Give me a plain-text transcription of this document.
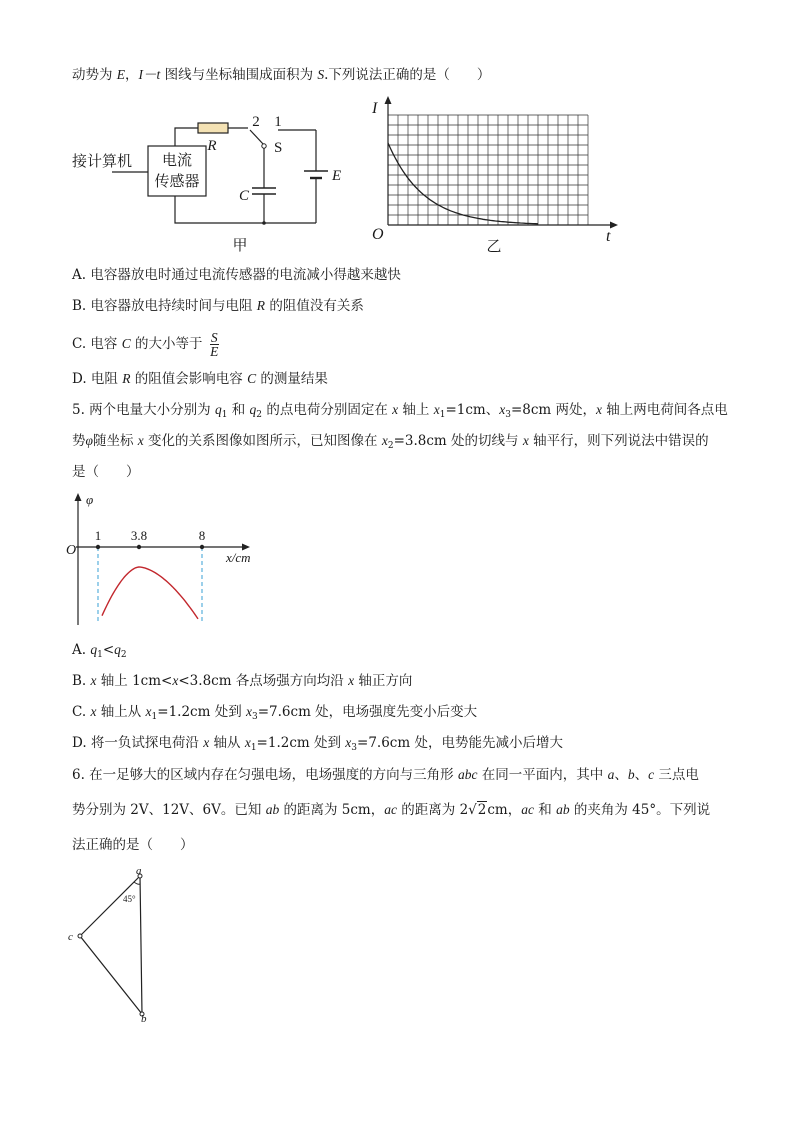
动势为 E，I－t 图线与坐标轴围成面积为 S.下列说法正确的是（　　）
接计算机 电流
传感器
R
2 1
S
C
E
甲
I
O	t
乙
A. 电容器放电时通过电流传感器的电流减小得越来越快
B. 电容器放电持续时间与电阻 R 的阻值没有关系
C. 电容 C 的大小等于 $\frac{S}{E}$
D. 电阻 R 的阻值会影响电容 C 的测量结果
5. 两个电量大小分别为 $q_1$ 和 $q_2$ 的点电荷分别固定在 x 轴上 $x_1=1cm$、$x_3=8cm$ 两处，x 轴上两电荷间各点电
势φ随坐标 x 变化的关系图像如图所示，已知图像在 $x_2=3.8cm$ 处的切线与 x 轴平行，则下列说法中错误的
是（　　）
φ
O
1 3.8	8
x/cm
A. $q_1<q_2$
B. x 轴上 1cm<x<3.8cm 各点场强方向均沿 x 轴正方向
C. x 轴上从 $x_1=1.2cm$ 处到 $x_3=7.6cm$ 处，电场强度先变小后变大
D. 将一负试探电荷沿 x 轴从 $x_1=1.2cm$ 处到 $x_3=7.6cm$ 处，电势能先减小后增大
6. 在一足够大的区域内存在匀强电场，电场强度的方向与三角形 abc 在同一平面内，其中 a、b、c 三点电
势分别为 2V、12V、6V。已知 ab 的距离为 5cm，ac 的距离为 2√2cm，ac 和 ab 的夹角为 45°。下列说
法正确的是（　　）
a
c
b
45°
